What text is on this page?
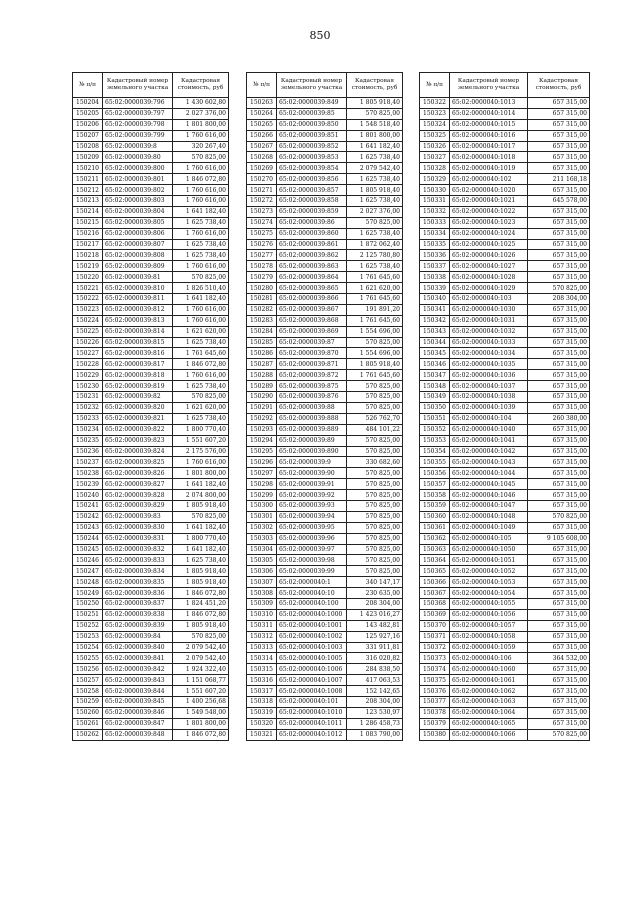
850
№ п/п	Кадастровый номер земельного участка	Кадастровая стоимость, руб
150204	65:02:0000039:796	1 430 602,80
150205	65:02:0000039:797	2 027 376,00
150206	65:02:0000039:798	1 801 800,00
150207	65:02:0000039:799	1 760 616,00
150208	65:02:0000039:8	320 267,40
150209	65:02:0000039:80	570 825,00
150210	65:02:0000039:800	1 760 616,00
150211	65:02:0000039:801	1 846 072,80
150212	65:02:0000039:802	1 760 616,00
150213	65:02:0000039:803	1 760 616,00
150214	65:02:0000039:804	1 641 182,40
150215	65:02:0000039:805	1 625 738,40
150216	65:02:0000039:806	1 760 616,00
150217	65:02:0000039:807	1 625 738,40
150218	65:02:0000039:808	1 625 738,40
150219	65:02:0000039:809	1 760 616,00
150220	65:02:0000039:81	570 825,00
150221	65:02:0000039:810	1 826 510,40
150222	65:02:0000039:811	1 641 182,40
150223	65:02:0000039:812	1 760 616,00
150224	65:02:0000039:813	1 760 616,00
150225	65:02:0000039:814	1 621 620,00
150226	65:02:0000039:815	1 625 738,40
150227	65:02:0000039:816	1 761 645,60
150228	65:02:0000039:817	1 846 072,80
150229	65:02:0000039:818	1 760 616,00
150230	65:02:0000039:819	1 625 738,40
150231	65:02:0000039:82	570 825,00
150232	65:02:0000039:820	1 621 620,00
150233	65:02:0000039:821	1 625 738,40
150234	65:02:0000039:822	1 800 770,40
150235	65:02:0000039:823	1 551 607,20
150236	65:02:0000039:824	2 175 576,00
150237	65:02:0000039:825	1 760 616,00
150238	65:02:0000039:826	1 801 800,00
150239	65:02:0000039:827	1 641 182,40
150240	65:02:0000039:828	2 074 800,00
150241	65:02:0000039:829	1 805 918,40
150242	65:02:0000039:83	570 825,00
150243	65:02:0000039:830	1 641 182,40
150244	65:02:0000039:831	1 800 770,40
150245	65:02:0000039:832	1 641 182,40
150246	65:02:0000039:833	1 625 738,40
150247	65:02:0000039:834	1 805 918,40
150248	65:02:0000039:835	1 805 918,40
150249	65:02:0000039:836	1 846 072,80
150250	65:02:0000039:837	1 824 451,20
150251	65:02:0000039:838	1 846 072,80
150252	65:02:0000039:839	1 805 918,40
150253	65:02:0000039:84	570 825,00
150254	65:02:0000039:840	2 079 542,40
150255	65:02:0000039:841	2 079 542,40
150256	65:02:0000039:842	1 924 322,40
150257	65:02:0000039:843	1 151 068,77
150258	65:02:0000039:844	1 551 607,20
150259	65:02:0000039:845	1 400 256,68
150260	65:02:0000039:846	1 549 548,00
150261	65:02:0000039:847	1 801 800,00
150262	65:02:0000039:848	1 846 072,80
№ п/п	Кадастровый номер земельного участка	Кадастровая стоимость, руб
150263	65:02:0000039:849	1 805 918,40
150264	65:02:0000039:85	570 825,00
150265	65:02:0000039:850	1 548 518,40
150266	65:02:0000039:851	1 801 800,00
150267	65:02:0000039:852	1 641 182,40
150268	65:02:0000039:853	1 625 738,40
150269	65:02:0000039:854	2 079 542,40
150270	65:02:0000039:856	1 625 738,40
150271	65:02:0000039:857	1 805 918,40
150272	65:02:0000039:858	1 625 738,40
150273	65:02:0000039:859	2 027 376,00
150274	65:02:0000039:86	570 825,00
150275	65:02:0000039:860	1 625 738,40
150276	65:02:0000039:861	1 872 062,40
150277	65:02:0000039:862	2 125 780,80
150278	65:02:0000039:863	1 625 738,40
150279	65:02:0000039:864	1 761 645,60
150280	65:02:0000039:865	1 621 620,00
150281	65:02:0000039:866	1 761 645,60
150282	65:02:0000039:867	191 891,20
150283	65:02:0000039:868	1 761 645,60
150284	65:02:0000039:869	1 554 696,00
150285	65:02:0000039:87	570 825,00
150286	65:02:0000039:870	1 554 696,00
150287	65:02:0000039:871	1 805 918,40
150288	65:02:0000039:872	1 761 645,60
150289	65:02:0000039:875	570 825,00
150290	65:02:0000039:876	570 825,00
150291	65:02:0000039:88	570 825,00
150292	65:02:0000039:888	526 762,70
150293	65:02:0000039:889	484 101,22
150294	65:02:0000039:89	570 825,00
150295	65:02:0000039:890	570 825,00
150296	65:02:0000039:9	330 682,60
150297	65:02:0000039:90	570 825,00
150298	65:02:0000039:91	570 825,00
150299	65:02:0000039:92	570 825,00
150300	65:02:0000039:93	570 825,00
150301	65:02:0000039:94	570 825,00
150302	65:02:0000039:95	570 825,00
150303	65:02:0000039:96	570 825,00
150304	65:02:0000039:97	570 825,00
150305	65:02:0000039:98	570 825,00
150306	65:02:0000039:99	570 825,00
150307	65:02:0000040:1	340 147,17
150308	65:02:0000040:10	230 635,00
150309	65:02:0000040:100	208 304,00
150310	65:02:0000040:1000	1 423 016,27
150311	65:02:0000040:1001	143 482,81
150312	65:02:0000040:1002	125 927,16
150313	65:02:0000040:1003	331 911,81
150314	65:02:0000040:1005	316 020,82
150315	65:02:0000040:1006	284 838,50
150316	65:02:0000040:1007	417 063,53
150317	65:02:0000040:1008	152 142,65
150318	65:02:0000040:101	208 304,00
150319	65:02:0000040:1010	123 530,97
150320	65:02:0000040:1011	1 286 458,73
150321	65:02:0000040:1012	1 083 790,00
№ п/п	Кадастровый номер земельного участка	Кадастровая стоимость, руб
150322	65:02:0000040:1013	657 315,00
150323	65:02:0000040:1014	657 315,00
150324	65:02:0000040:1015	657 315,00
150325	65:02:0000040:1016	657 315,00
150326	65:02:0000040:1017	657 315,00
150327	65:02:0000040:1018	657 315,00
150328	65:02:0000040:1019	657 315,00
150329	65:02:0000040:102	211 168,18
150330	65:02:0000040:1020	657 315,00
150331	65:02:0000040:1021	645 578,00
150332	65:02:0000040:1022	657 315,00
150333	65:02:0000040:1023	657 315,00
150334	65:02:0000040:1024	657 315,00
150335	65:02:0000040:1025	657 315,00
150336	65:02:0000040:1026	657 315,00
150337	65:02:0000040:1027	657 315,00
150338	65:02:0000040:1028	657 315,00
150339	65:02:0000040:1029	570 825,00
150340	65:02:0000040:103	208 304,00
150341	65:02:0000040:1030	657 315,00
150342	65:02:0000040:1031	657 315,00
150343	65:02:0000040:1032	657 315,00
150344	65:02:0000040:1033	657 315,00
150345	65:02:0000040:1034	657 315,00
150346	65:02:0000040:1035	657 315,00
150347	65:02:0000040:1036	657 315,00
150348	65:02:0000040:1037	657 315,00
150349	65:02:0000040:1038	657 315,00
150350	65:02:0000040:1039	657 315,00
150351	65:02:0000040:104	260 380,00
150352	65:02:0000040:1040	657 315,00
150353	65:02:0000040:1041	657 315,00
150354	65:02:0000040:1042	657 315,00
150355	65:02:0000040:1043	657 315,00
150356	65:02:0000040:1044	657 315,00
150357	65:02:0000040:1045	657 315,00
150358	65:02:0000040:1046	657 315,00
150359	65:02:0000040:1047	657 315,00
150360	65:02:0000040:1048	570 825,00
150361	65:02:0000040:1049	657 315,00
150362	65:02:0000040:105	9 105 608,00
150363	65:02:0000040:1050	657 315,00
150364	65:02:0000040:1051	657 315,00
150365	65:02:0000040:1052	657 315,00
150366	65:02:0000040:1053	657 315,00
150367	65:02:0000040:1054	657 315,00
150368	65:02:0000040:1055	657 315,00
150369	65:02:0000040:1056	657 315,00
150370	65:02:0000040:1057	657 315,00
150371	65:02:0000040:1058	657 315,00
150372	65:02:0000040:1059	657 315,00
150373	65:02:0000040:106	364 532,00
150374	65:02:0000040:1060	657 315,00
150375	65:02:0000040:1061	657 315,00
150376	65:02:0000040:1062	657 315,00
150377	65:02:0000040:1063	657 315,00
150378	65:02:0000040:1064	657 315,00
150379	65:02:0000040:1065	657 315,00
150380	65:02:0000040:1066	570 825,00
